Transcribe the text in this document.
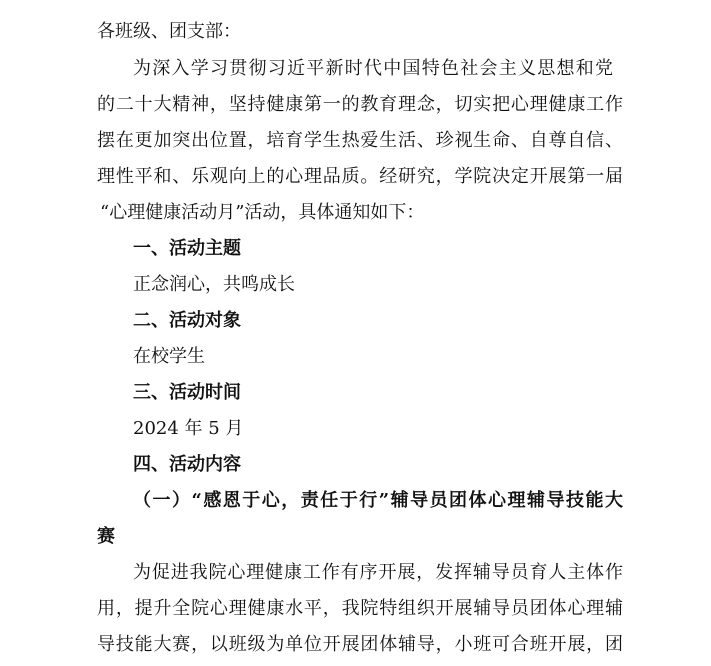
各班级、团支部：
为深入学习贯彻习近平新时代中国特色社会主义思想和党
的二十大精神，坚持健康第一的教育理念，切实把心理健康工作
摆在更加突出位置，培育学生热爱生活、珍视生命、自尊自信、
理性平和、乐观向上的心理品质。经研究，学院决定开展第一届
“心理健康活动月”活动，具体通知如下：
一、活动主题
正念润心，共鸣成长
二、活动对象
在校学生
三、活动时间
2024 年 5 月
四、活动内容
（一）“感恩于心，责任于行”辅导员团体心理辅导技能大
赛
为促进我院心理健康工作有序开展，发挥辅导员育人主体作
用，提升全院心理健康水平，我院特组织开展辅导员团体心理辅
导技能大赛，以班级为单位开展团体辅导，小班可合班开展，团
